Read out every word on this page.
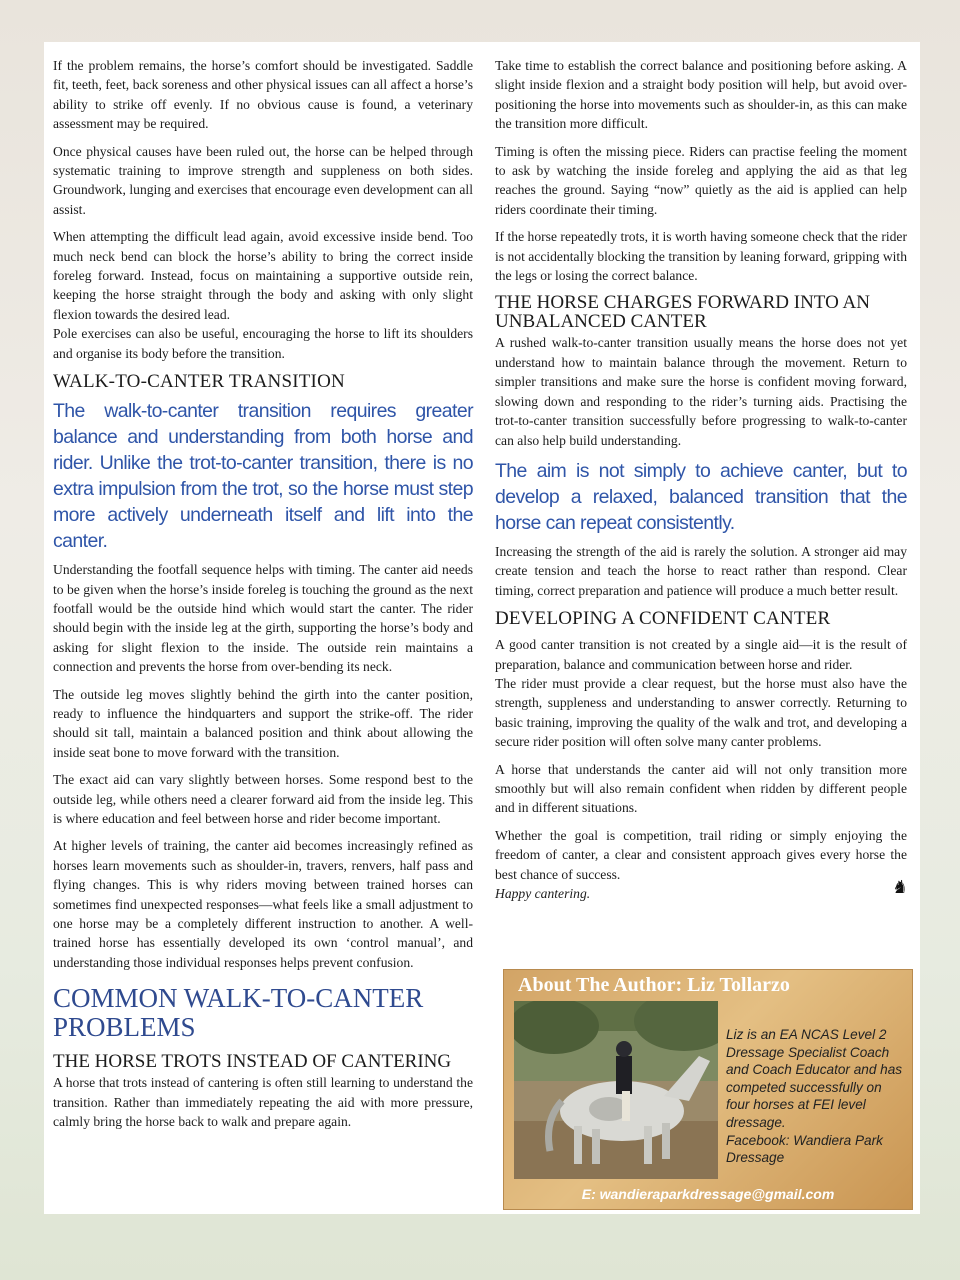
If the problem remains, the horse’s comfort should be investigated. Saddle fit, teeth, feet, back soreness and other physical issues can all affect a horse’s ability to strike off evenly. If no obvious cause is found, a veterinary assessment may be required.

Once physical causes have been ruled out, the horse can be helped through systematic training to improve strength and suppleness on both sides. Groundwork, lunging and exercises that encourage even development can all assist.

When attempting the difficult lead again, avoid excessive inside bend. Too much neck bend can block the horse’s ability to bring the correct inside foreleg forward. Instead, focus on maintaining a supportive outside rein, keeping the horse straight through the body and asking with only slight flexion towards the desired lead.

Pole exercises can also be useful, encouraging the horse to lift its shoulders and organise its body before the transition.

WALK-TO-CANTER TRANSITION
The walk-to-canter transition requires greater balance and understanding from both horse and rider. Unlike the trot-to-canter transition, there is no extra impulsion from the trot, so the horse must step more actively underneath itself and lift into the canter.

Understanding the footfall sequence helps with timing. The canter aid needs to be given when the horse’s inside foreleg is touching the ground as the next footfall would be the outside hind which would start the canter. The rider should begin with the inside leg at the girth, supporting the horse’s body and asking for slight flexion to the inside. The outside rein maintains a connection and prevents the horse from over-bending its neck.

The outside leg moves slightly behind the girth into the canter position, ready to influence the hindquarters and support the strike-off. The rider should sit tall, maintain a balanced position and think about allowing the inside seat bone to move forward with the transition.

The exact aid can vary slightly between horses. Some respond best to the outside leg, while others need a clearer forward aid from the inside leg. This is where education and feel between horse and rider become important.

At higher levels of training, the canter aid becomes increasingly refined as horses learn movements such as shoulder-in, travers, renvers, half pass and flying changes. This is why riders moving between trained horses can sometimes find unexpected responses—what feels like a small adjustment to one horse may be a completely different instruction to another. A well-trained horse has essentially developed its own ‘control manual’, and understanding those individual responses helps prevent confusion.

COMMON WALK-TO-CANTER PROBLEMS
THE HORSE TROTS INSTEAD OF CANTERING

A horse that trots instead of cantering is often still learning to understand the transition. Rather than immediately repeating the aid with more pressure, calmly bring the horse back to walk and prepare again.

Take time to establish the correct balance and positioning before asking. A slight inside flexion and a straight body position will help, but avoid over-positioning the horse into movements such as shoulder-in, as this can make the transition more difficult.

Timing is often the missing piece. Riders can practise feeling the moment to ask by watching the inside foreleg and applying the aid as that leg reaches the ground. Saying “now” quietly as the aid is applied can help riders coordinate their timing.

If the horse repeatedly trots, it is worth having someone check that the rider is not accidentally blocking the transition by leaning forward, gripping with the legs or losing the correct balance.

THE HORSE CHARGES FORWARD INTO AN UNBALANCED CANTER

A rushed walk-to-canter transition usually means the horse does not yet understand how to maintain balance through the movement. Return to simpler transitions and make sure the horse is confident moving forward, slowing down and responding to the rider’s turning aids. Practising the trot-to-canter transition successfully before progressing to walk-to-canter can also help build understanding.

The aim is not simply to achieve canter, but to develop a relaxed, balanced transition that the horse can repeat consistently.

Increasing the strength of the aid is rarely the solution. A stronger aid may create tension and teach the horse to react rather than respond. Clear timing, correct preparation and patience will produce a much better result.

DEVELOPING A CONFIDENT CANTER

A good canter transition is not created by a single aid—it is the result of preparation, balance and communication between horse and rider.

The rider must provide a clear request, but the horse must also have the strength, suppleness and understanding to answer correctly. Returning to basic training, improving the quality of the walk and trot, and developing a secure rider position will often solve many canter problems.

A horse that understands the canter aid will not only transition more smoothly but will also remain confident when ridden by different people and in different situations.

Whether the goal is competition, trail riding or simply enjoying the freedom of canter, a clear and consistent approach gives every horse the best chance of success.

Happy cantering.	♞

About The Author: Liz Tollarzo
Liz is an EA NCAS Level 2 Dressage Specialist Coach and Coach Educator and has competed successfully on four horses at FEI level dressage.
Facebook: Wandiera Park Dressage
E: wandieraparkdressage@gmail.com
